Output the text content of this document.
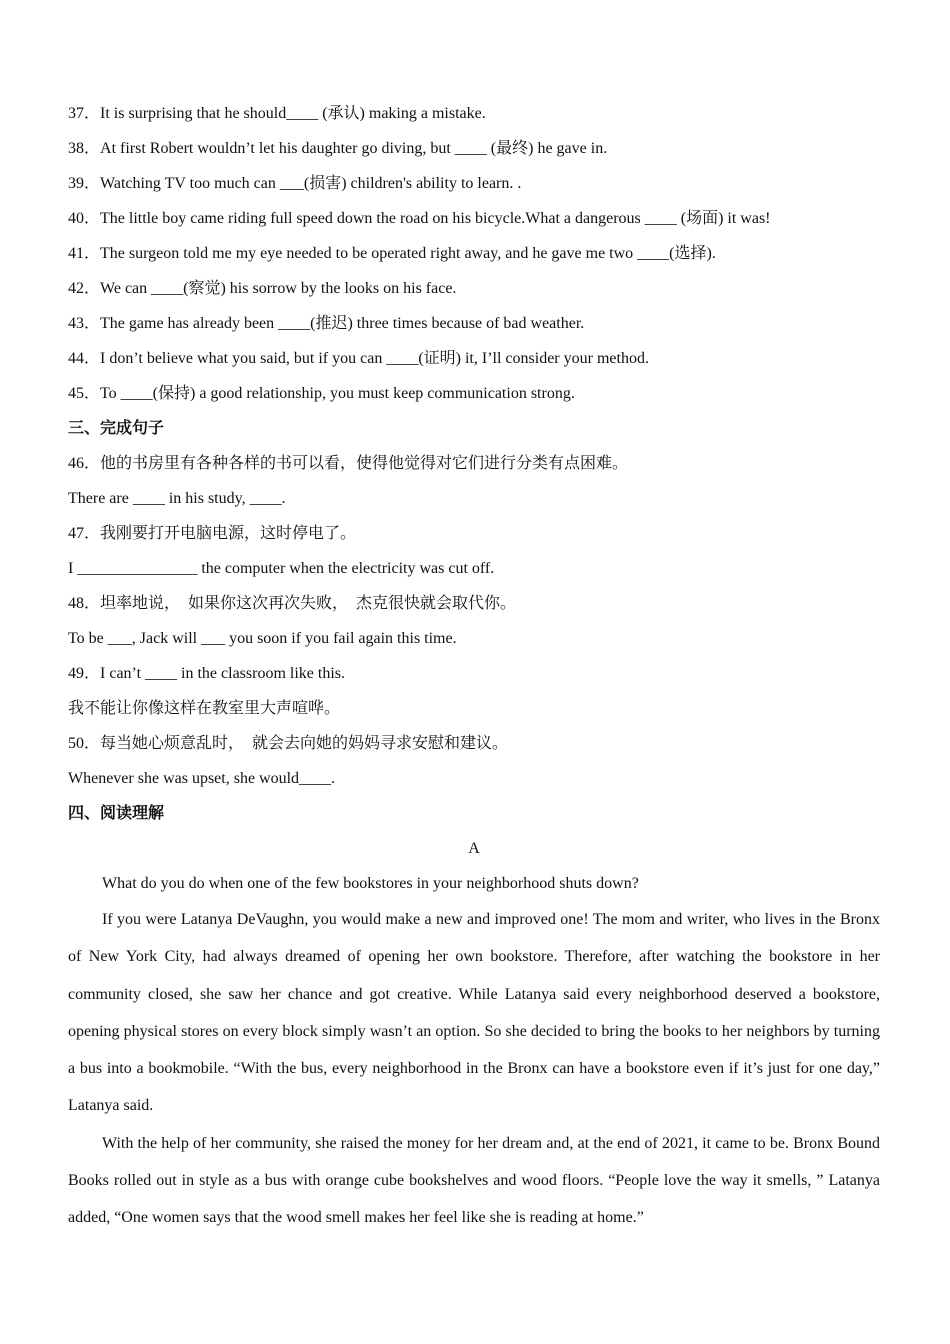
37．It is surprising that he should____ (承认) making a mistake.
38．At first Robert wouldn’t let his daughter go diving, but ____ (最终) he gave in.
39．Watching TV too much can ___(损害) children's ability to learn. .
40．The little boy came riding full speed down the road on his bicycle.What a dangerous ____ (场面) it was!
41．The surgeon told me my eye needed to be operated right away, and he gave me two ____(选择).
42．We can ____(察觉) his sorrow by the looks on his face.
43．The game has already been ____(推迟) three times because of bad weather.
44．I don’t believe what you said, but if you can ____(证明) it, I’ll consider your method.
45．To ____(保持) a good relationship, you must keep communication strong.
三、完成句子
46．他的书房里有各种各样的书可以看，使得他觉得对它们进行分类有点困难。
There are ____ in his study, ____.
47．我刚要打开电脑电源，这时停电了。
I _______________ the computer when the electricity was cut off.
48．坦率地说，  如果你这次再次失败，  杰克很快就会取代你。
To be ___, Jack will ___ you soon if you fail again this time.
49．I can’t ____ in the classroom like this.
我不能让你像这样在教室里大声喧哗。
50．每当她心烦意乱时，  就会去向她的妈妈寻求安慰和建议。
Whenever she was upset, she would____.
四、阅读理解
A

What do you do when one of the few bookstores in your neighborhood shuts down?

If you were Latanya DeVaughn, you would make a new and improved one! The mom and writer, who lives in the Bronx of New York City, had always dreamed of opening her own bookstore. Therefore, after watching the bookstore in her community closed, she saw her chance and got creative. While Latanya said every neighborhood deserved a bookstore, opening physical stores on every block simply wasn’t an option. So she decided to bring the books to her neighbors by turning a bus into a bookmobile. “With the bus, every neighborhood in the Bronx can have a bookstore even if it’s just for one day,” Latanya said.

With the help of her community, she raised the money for her dream and, at the end of 2021, it came to be. Bronx Bound Books rolled out in style as a bus with orange cube bookshelves and wood floors. “People love the way it smells, ” Latanya added, “One women says that the wood smell makes her feel like she is reading at home.”
